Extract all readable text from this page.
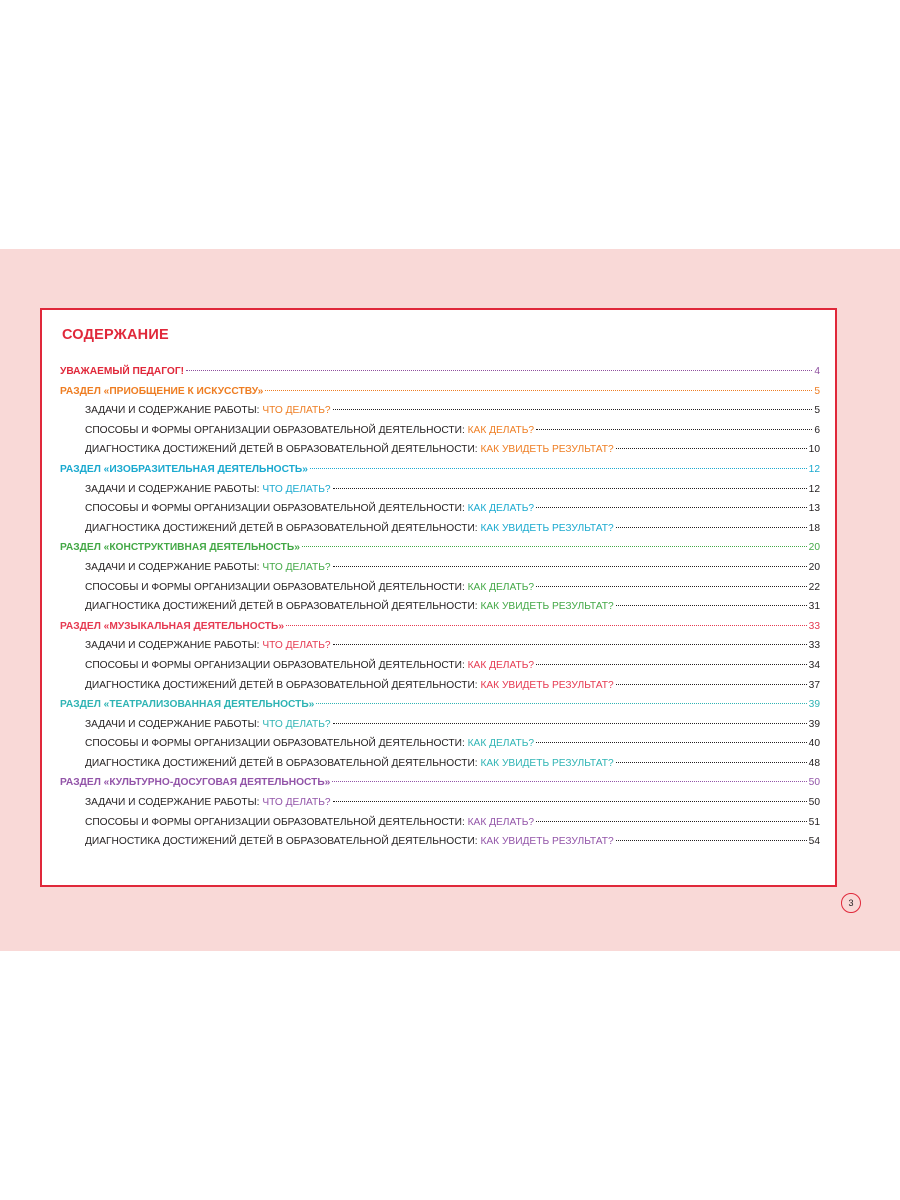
СОДЕРЖАНИЕ
УВАЖАЕМЫЙ ПЕДАГОГ!	4
РАЗДЕЛ «ПРИОБЩЕНИЕ К ИСКУССТВУ»	5
ЗАДАЧИ И СОДЕРЖАНИЕ РАБОТЫ: ЧТО ДЕЛАТЬ?	5
СПОСОБЫ И ФОРМЫ ОРГАНИЗАЦИИ ОБРАЗОВАТЕЛЬНОЙ ДЕЯТЕЛЬНОСТИ: КАК ДЕЛАТЬ?	6
ДИАГНОСТИКА ДОСТИЖЕНИЙ ДЕТЕЙ В ОБРАЗОВАТЕЛЬНОЙ ДЕЯТЕЛЬНОСТИ: КАК УВИДЕТЬ РЕЗУЛЬТАТ?	10
РАЗДЕЛ «ИЗОБРАЗИТЕЛЬНАЯ ДЕЯТЕЛЬНОСТЬ»	12
ЗАДАЧИ И СОДЕРЖАНИЕ РАБОТЫ: ЧТО ДЕЛАТЬ?	12
СПОСОБЫ И ФОРМЫ ОРГАНИЗАЦИИ ОБРАЗОВАТЕЛЬНОЙ ДЕЯТЕЛЬНОСТИ: КАК ДЕЛАТЬ?	13
ДИАГНОСТИКА ДОСТИЖЕНИЙ ДЕТЕЙ В ОБРАЗОВАТЕЛЬНОЙ ДЕЯТЕЛЬНОСТИ: КАК УВИДЕТЬ РЕЗУЛЬТАТ?	18
РАЗДЕЛ «КОНСТРУКТИВНАЯ ДЕЯТЕЛЬНОСТЬ»	20
ЗАДАЧИ И СОДЕРЖАНИЕ РАБОТЫ: ЧТО ДЕЛАТЬ?	20
СПОСОБЫ И ФОРМЫ ОРГАНИЗАЦИИ ОБРАЗОВАТЕЛЬНОЙ ДЕЯТЕЛЬНОСТИ: КАК ДЕЛАТЬ?	22
ДИАГНОСТИКА ДОСТИЖЕНИЙ ДЕТЕЙ В ОБРАЗОВАТЕЛЬНОЙ ДЕЯТЕЛЬНОСТИ: КАК УВИДЕТЬ РЕЗУЛЬТАТ?	31
РАЗДЕЛ «МУЗЫКАЛЬНАЯ ДЕЯТЕЛЬНОСТЬ»	33
ЗАДАЧИ И СОДЕРЖАНИЕ РАБОТЫ: ЧТО ДЕЛАТЬ?	33
СПОСОБЫ И ФОРМЫ ОРГАНИЗАЦИИ ОБРАЗОВАТЕЛЬНОЙ ДЕЯТЕЛЬНОСТИ: КАК ДЕЛАТЬ?	34
ДИАГНОСТИКА ДОСТИЖЕНИЙ ДЕТЕЙ В ОБРАЗОВАТЕЛЬНОЙ ДЕЯТЕЛЬНОСТИ: КАК УВИДЕТЬ РЕЗУЛЬТАТ?	37
РАЗДЕЛ «ТЕАТРАЛИЗОВАННАЯ ДЕЯТЕЛЬНОСТЬ»	39
ЗАДАЧИ И СОДЕРЖАНИЕ РАБОТЫ: ЧТО ДЕЛАТЬ?	39
СПОСОБЫ И ФОРМЫ ОРГАНИЗАЦИИ ОБРАЗОВАТЕЛЬНОЙ ДЕЯТЕЛЬНОСТИ: КАК ДЕЛАТЬ?	40
ДИАГНОСТИКА ДОСТИЖЕНИЙ ДЕТЕЙ В ОБРАЗОВАТЕЛЬНОЙ ДЕЯТЕЛЬНОСТИ: КАК УВИДЕТЬ РЕЗУЛЬТАТ?	48
РАЗДЕЛ «КУЛЬТУРНО-ДОСУГОВАЯ ДЕЯТЕЛЬНОСТЬ»	50
ЗАДАЧИ И СОДЕРЖАНИЕ РАБОТЫ: ЧТО ДЕЛАТЬ?	50
СПОСОБЫ И ФОРМЫ ОРГАНИЗАЦИИ ОБРАЗОВАТЕЛЬНОЙ ДЕЯТЕЛЬНОСТИ: КАК ДЕЛАТЬ?	51
ДИАГНОСТИКА ДОСТИЖЕНИЙ ДЕТЕЙ В ОБРАЗОВАТЕЛЬНОЙ ДЕЯТЕЛЬНОСТИ: КАК УВИДЕТЬ РЕЗУЛЬТАТ?	54
3
